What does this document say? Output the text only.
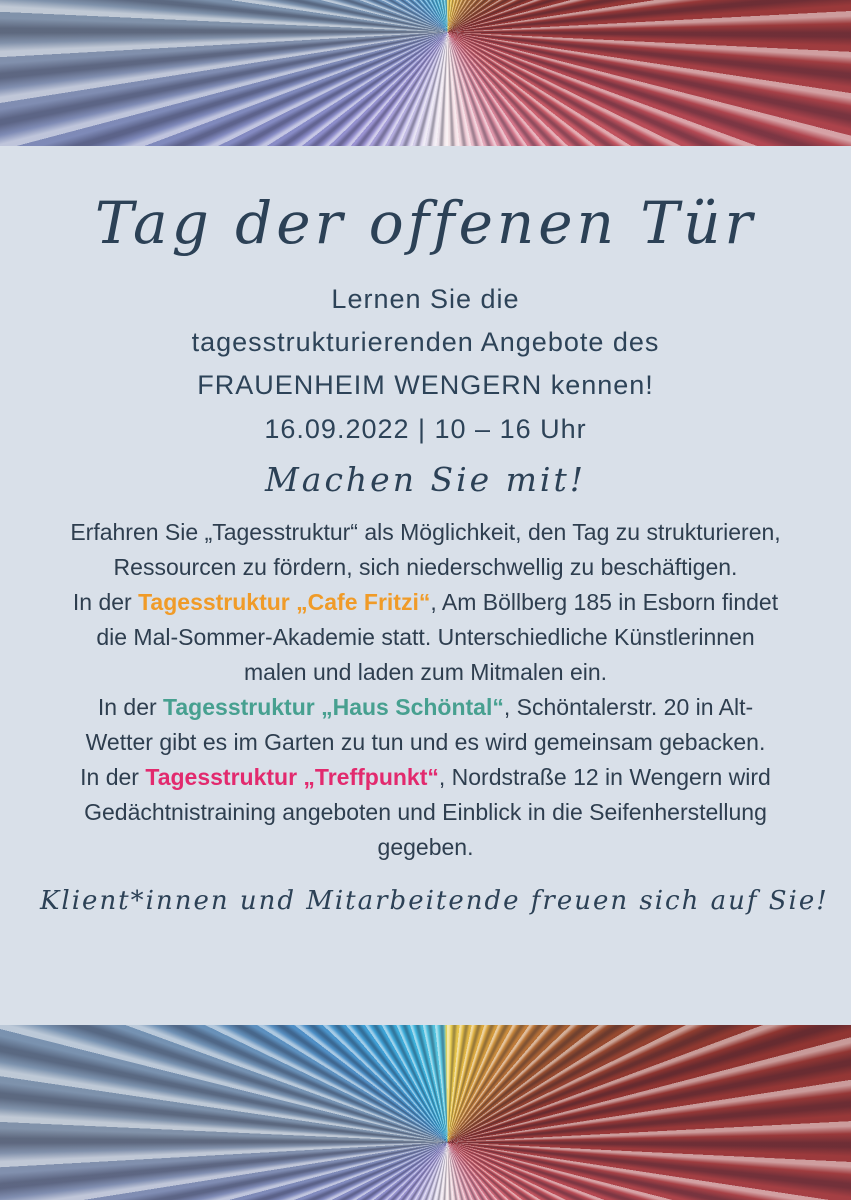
Tag der offenen Tür
Lernen Sie die
tagesstrukturierenden Angebote des
FRAUENHEIM WENGERN kennen!
16.09.2022 | 10 – 16 Uhr
Machen Sie mit!

Erfahren Sie „Tagesstruktur“ als Möglichkeit, den Tag zu strukturieren, Ressourcen zu fördern, sich niederschwellig zu beschäftigen.

In der Tagesstruktur „Cafe Fritzi“, Am Böllberg 185 in Esborn findet die Mal-Sommer-Akademie statt. Unterschiedliche Künstlerinnen malen und laden zum Mitmalen ein.

In der Tagesstruktur „Haus Schöntal“, Schöntalerstr. 20 in Alt-Wetter gibt es im Garten zu tun und es wird gemeinsam gebacken.

In der Tagesstruktur „Treffpunkt“, Nordstraße 12 in Wengern wird Gedächtnistraining angeboten und Einblick in die Seifenherstellung gegeben.

Klient*innen und Mitarbeitende freuen sich auf Sie!
